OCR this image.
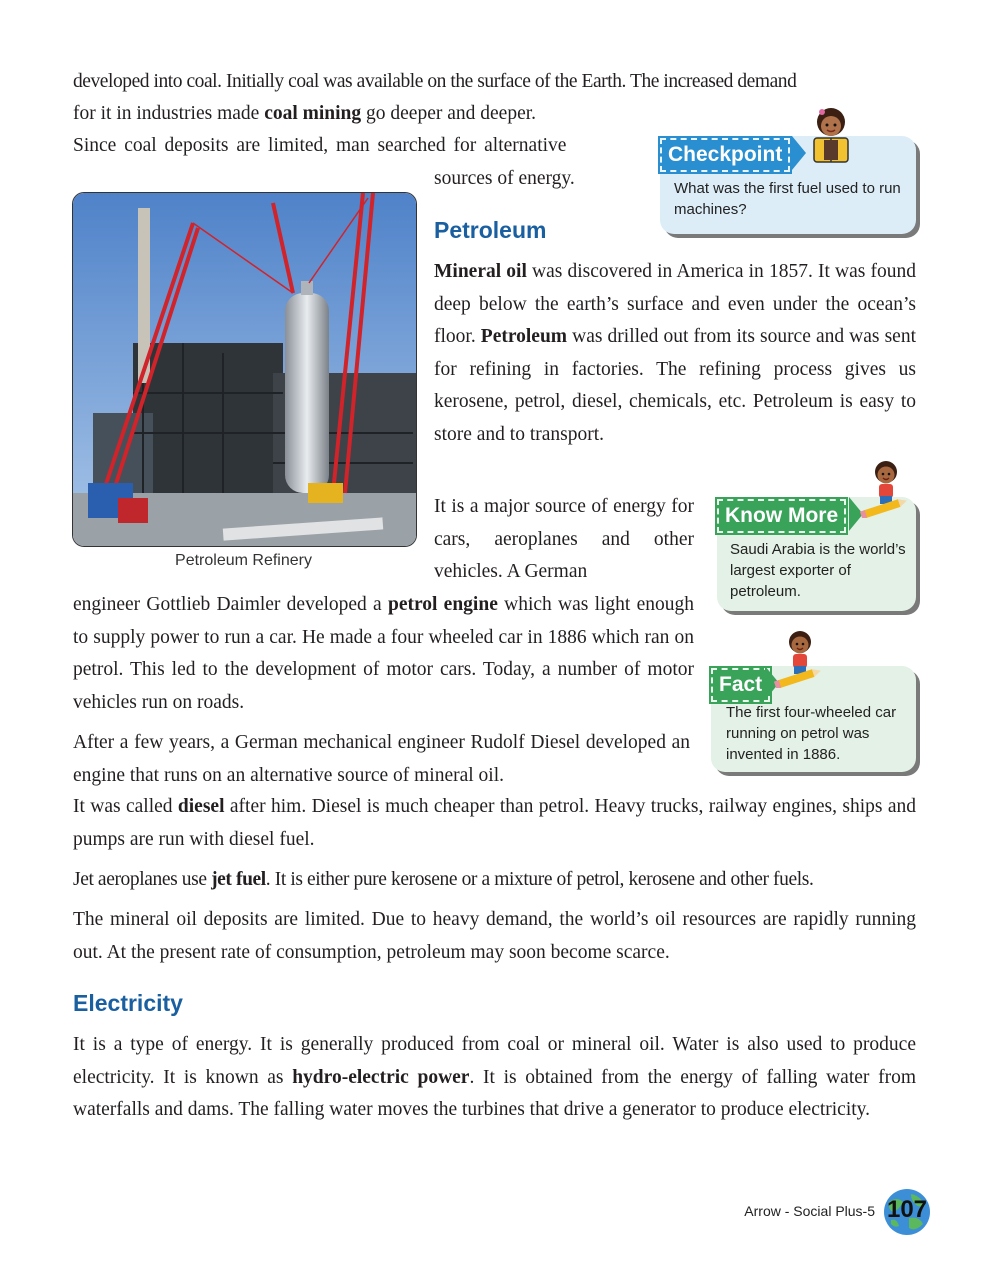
developed into coal. Initially coal was available on the surface of the Earth. The increased demand
for it in industries made coal mining go deeper and deeper.
Since coal deposits are limited, man searched for alternative
sources of energy.	What was the first fuel used to run machines?
Checkpoint
Petroleum
Mineral oil was discovered in America in 1857. It was found deep below the earth’s surface and even under the ocean’s floor. Petroleum was drilled out from its source and was sent for refining in factories. The refining process gives us kerosene, petrol, diesel, chemicals, etc. Petroleum is easy to store and to transport.
Petroleum Refinery
It is a major source of energy for cars, aeroplanes and other vehicles. A German
engineer Gottlieb Daimler developed a petrol engine which was light enough to supply power to run a car. He made a four wheeled car in 1886 which ran on petrol. This led to the development of motor cars. Today, a number of motor vehicles run on roads.
Saudi Arabia is the world’s largest exporter of petroleum.
Know More
The first four-wheeled car running on petrol was invented in 1886.
Fact
After a few years, a German mechanical engineer Rudolf Diesel developed an engine that runs on an alternative source of mineral oil.
It was called diesel after him. Diesel is much cheaper than petrol. Heavy trucks, railway engines, ships and pumps are run with diesel fuel.
Jet aeroplanes use jet fuel. It is either pure kerosene or a mixture of petrol, kerosene and other fuels.
The mineral oil deposits are limited. Due to heavy demand, the world’s oil resources are rapidly running out. At the present rate of consumption, petroleum may soon become scarce.
Electricity
It is a type of energy. It is generally produced from coal or mineral oil. Water is also used to produce electricity. It is known as hydro-electric power. It is obtained from the energy of falling water from waterfalls and dams. The falling water moves the turbines that drive a generator to produce electricity.
Arrow - Social Plus-5 107
